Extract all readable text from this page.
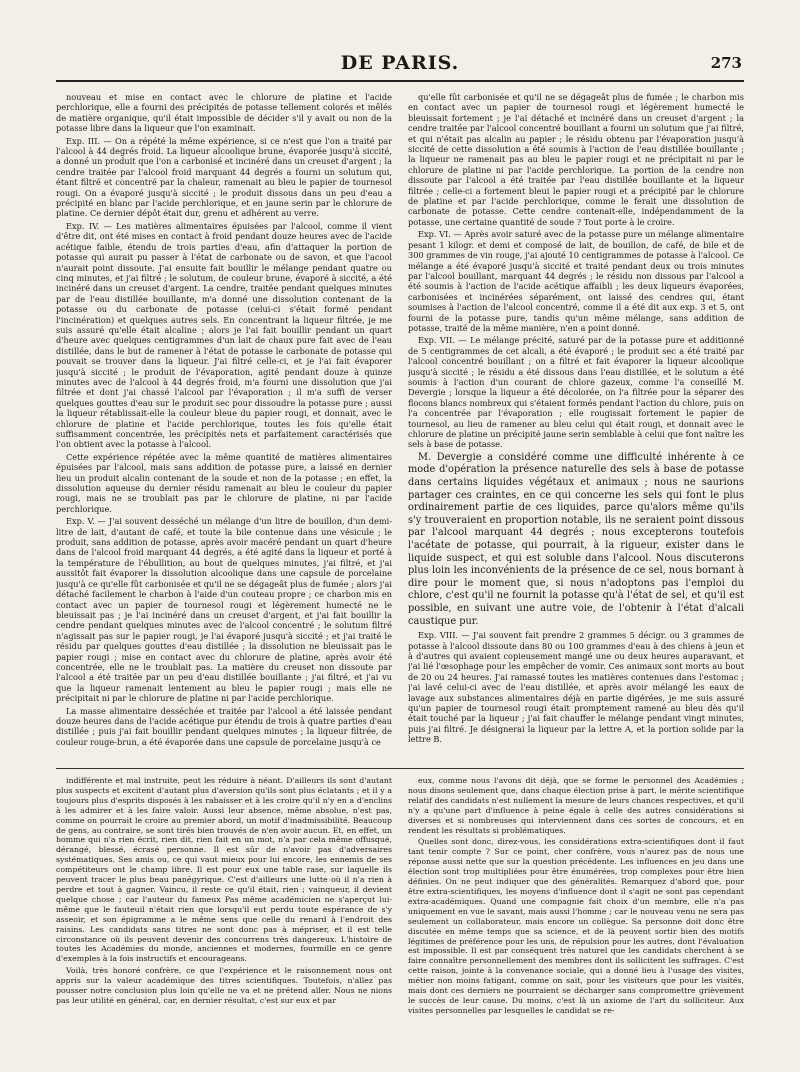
DE PARIS.	273

nouveau et mise en contact avec le chlorure de platine et l'acide perchlorique, elle a fourni des précipités de potasse tellement colorés et mêlés de matière organique, qu'il était impossible de décider s'il y avait ou non de la potasse libre dans la liqueur que l'on examinait.

Exp. III. — On a répété la même expérience, si ce n'est que l'on a traité par l'alcool à 44 degrés froid. La liqueur alcoolique brune, évaporée jusqu'à siccité, a donné un produit que l'on a carbonisé et incinéré dans un creuset d'argent ; la cendre traitée par l'alcool froid marquant 44 degrés a fourni un solutum qui, étant filtré et concentré par la chaleur, ramenait au bleu le papier de tournesol rougi. On a évaporé jusqu'à siccité ; le produit dissous dans un peu d'eau a précipité en blanc par l'acide perchlorique, et en jaune serin par le chlorure de platine. Ce dernier dépôt était dur, grenu et adhérent au verre.

Exp. IV. — Les matières alimentaires épuisées par l'alcool, comme il vient d'être dit, ont été mises en contact à froid pendant douze heures avec de l'acide acétique faible, étendu de trois parties d'eau, afin d'attaquer la portion de potasse qui aurait pu passer à l'état de carbonate ou de savon, et que l'acool n'aurait point dissoute. J'ai ensuite fait bouillir le mélange pendant quatre ou cinq minutes, et j'ai filtré ; le solutum, de couleur brune, évaporé à siccité, a été incinéré dans un creuset d'argent. La cendre, traitée pendant quelques minutes par de l'eau distillée bouillante, m'a donné une dissolution contenant de la potasse ou du carbonate de potasse (celui-ci s'était formé pendant l'incinération) et quelques autres sels. En concentrant la liqueur filtrée, je me suis assuré qu'elle était alcaline ; alors je l'ai fait bouillir pendant un quart d'heure avec quelques centigrammes d'un lait de chaux pure fait avec de l'eau distillée, dans le but de ramener à l'état de potasse le carbonate de potasse qui pouvait se trouver dans la liqueur. J'ai filtré celle-ci, et je l'ai fait évaporer jusqu'à siccité ; le produit de l'évaporation, agité pendant douze à quinze minutes avec de l'alcool à 44 degrés froid, m'a fourni une dissolution que j'ai filtrée et dont j'ai chassé l'alcool par l'évaporation ; il m'a suffi de verser quelques gouttes d'eau sur le produit sec pour dissoudre la potasse pure ; aussi la liqueur rétablissait-elle la couleur bleue du papier rougi, et donnait, avec le chlorure de platine et l'acide perchlorique, toutes les fois qu'elle était suffisamment concentrée, les précipités nets et parfaitement caractérisés que l'on obtient avec la potasse à l'alcool.

Cette expérience répétée avec la même quantité de matières alimentaires épuisées par l'alcool, mais sans addition de potasse pure, a laissé en dernier lieu un produit alcalin contenant de la soude et non de la potasse ; en effet, la dissolution aqueuse du dernier résidu ramenait au bleu le couleur du papier rougi, mais ne se troublait pas par le chlorure de platine, ni par l'acide perchlorique.

Exp. V. — J'ai souvent desséché un mélange d'un litre de bouillon, d'un demi-litre de lait, d'autant de café, et toute la bile contenue dans une vésicule ; le produit, sans addition de potasse, après avoir macéré pendant un quart d'heure dans de l'alcool froid marquant 44 degrés, a été agité dans la liqueur et porté à la température de l'ébullition, au bout de quelques minutes, j'ai filtré, et j'ai aussitôt fait évaporer la dissolution alcoolique dans une capsule de porcelaine jusqu'à ce qu'elle fût carbonisée et qu'il ne se dégageât plus de fumée ; alors j'ai détaché facilement le charbon à l'aide d'un couteau propre ; ce charbon mis en contact avec un papier de tournesol rougi et légèrement humecté ne le bleuissait pas ; je l'ai incinéré dans un creuset d'argent, et j'ai fait bouillir la cendre pendant quelques minutes avec de l'alcool concentré ; le solutum filtré n'agissait pas sur le papier rougi, je l'ai évaporé jusqu'à siccité ; et j'ai traité le résidu par quelques gouttes d'eau distillée ; la dissolution ne bleuissait pas le papier rougi ; mise en contact avec du chlorure de platine, après avoir été concentrée, elle ne le troublait pas. La matière du creuset non dissoute par l'alcool a été traitée par un peu d'eau distillée bouillante ; j'ai filtré, et j'ai vu que la liqueur ramenait lentement au bleu le papier rougi ; mais elle ne précipitait ni par le chlorure de platine ni par l'acide perchlorique.

La masse alimentaire desséchée et traitée par l'alcool a été laissée pendant douze heures dans de l'acide acétique pur étendu de trois à quatre parties d'eau distillée ; puis j'ai fait bouillir pendant quelques minutes ; la liqueur filtrée, de couleur rouge-brun, a été évaporée dans une capsule de porcelaine jusqu'à ce

qu'elle fût carbonisée et qu'il ne se dégageât plus de fumée ; le charbon mis en contact avec un papier de tournesol rougi et légèrement humecté le bleuissait fortement ; je l'ai détaché et incinéré dans un creuset d'argent ; la cendre traitée par l'alcool concentré bouillant a fourni un solutum que j'ai filtré, et qui n'était pas alcalin au papier ; le résidu obtenu par l'évaporation jusqu'à siccité de cette dissolution a été soumis à l'action de l'eau distillée bouillante ; la liqueur ne ramenait pas au bleu le papier rougi et ne précipitait ni par le chlorure de platine ni par l'acide perchlorique. La portion de la cendre non dissoute par l'alcool a été traitée par l'eau distillée bouillante et la liqueur filtrée ; celle-ci a fortement bleui le papier rougi et a précipité par le chlorure de platine et par l'acide perchlorique, comme le ferait une dissolution de carbonate de potasse. Cette cendre contenait-elle, indépendamment de la potasse, une certaine quantité de soude ? Tout porte à le croire.

Exp. VI. — Après avoir saturé avec de la potasse pure un mélange alimentaire pesant 1 kilogr. et demi et composé de lait, de bouillon, de café, de bile et de 300 grammes de vin rouge, j'ai ajouté 10 centigrammes de potasse à l'alcool. Ce mélange a été évaporé jusqu'à siccité et traité pendant deux ou trois minutes par l'alcool bouillant, marquant 44 degrés ; le résidu non dissous par l'alcool a été soumis à l'action de l'acide acétique affaibli ; les deux liqueurs évaporées, carbonisées et incinérées séparément, ont laissé des cendres qui, étant soumises à l'action de l'alcool concentré, comme il a été dit aux exp. 3 et 5, ont fourni de la potasse pure, tandis qu'un même mélange, sans addition de potasse, traité de la même manière, n'en a point donné.

Exp. VII. — Le mélange précité, saturé par de la potasse pure et additionné de 5 centigrammes de cet alcali, a été évaporé ; le produit sec a été traité par l'alcool concentré bouillant ; on a filtré et fait évaporer la liqueur alcoolique jusqu'à siccité ; le résidu a été dissous dans l'eau distillée, et le solutum a été soumis à l'action d'un courant de chlore gazeux, comme l'a conseillé M. Devergie ; lorsque la liqueur a été décolorée, on l'a filtrée pour la séparer des flocons blancs nombreux qui s'étaient formés pendant l'action du chlore, puis on l'a concentrée par l'évaporation ; elle rougissait fortement le papier de tournesol, au lieu de ramener au bleu celui qui était rougi, et donnait avec le chlorure de platine un précipité jaune serin semblable à celui que font naître les sels à base de potasse.

M. Devergie a considéré comme une difficulté inhérente à ce mode d'opération la présence naturelle des sels à base de potasse dans certains liquides végétaux et animaux ; nous ne saurions partager ces craintes, en ce qui concerne les sels qui font le plus ordinairement partie de ces liquides, parce qu'alors même qu'ils s'y trouveraient en proportion notable, ils ne seraient point dissous par l'alcool marquant 44 degrés ; nous excepterons toutefois l'acétate de potasse, qui pourrait, à la rigueur, exister dans le liquide suspect, et qui est soluble dans l'alcool. Nous discuterons plus loin les inconvénients de la présence de ce sel, nous bornant à dire pour le moment que, si nous n'adoptons pas l'emploi du chlore, c'est qu'il ne fournit la potasse qu'à l'état de sel, et qu'il est possible, en suivant une autre voie, de l'obtenir à l'état d'alcali caustique pur.

Exp. VIII. — J'ai souvent fait prendre 2 grammes 5 décigr. ou 3 grammes de potasse à l'alcool dissoute dans 80 ou 100 grammes d'eau à des chiens à jeun et à d'autres qui avaient copieusement mangé une ou deux heures auparavant, et j'ai lié l'œsophage pour les empêcher de vomir. Ces animaux sont morts au bout de 20 ou 24 heures. J'ai ramassé toutes les matières contenues dans l'estomac ; j'ai lavé celui-ci avec de l'eau distillée, et après avoir mélangé les eaux de lavage aux substances alimentaires déjà en partie digérées, je me suis assuré qu'un papier de tournesol rougi était promptement ramené au bleu dès qu'il était touché par la liqueur ; j'ai fait chauffer le mélange pendant vingt minutes, puis j'ai filtré. Je désignerai la liqueur par la lettre A, et la portion solide par la lettre B.

indifférente et mal instruite, peut les réduire à néant. D'ailleurs ils sont d'autant plus suspects et excitent d'autant plus d'aversion qu'ils sont plus éclatants ; et il y a toujours plus d'esprits disposés à les rabaisser et à les croire qu'il n'y en a d'enclins à les admirer et à les faire valoir. Aussi leur absence, même absolue, n'est pas, comme on pourrait le croire au premier abord, un motif d'inadmissibilité. Beaucoup de gens, au contraire, se sont tirés bien trouvés de n'en avoir aucun. Et, en effet, un homme qui n'a rien écrit, rien dit, rien fait en un mot, n'a par cela même offusqué, dérangé, blessé, écrasé personne. Il est sûr de n'avoir pas d'adversaires systématiques. Ses amis ou, ce qui vaut mieux pour lui encore, les ennemis de ses compétiteurs ont le champ libre. Il est pour eux une table rase, sur laquelle ils peuvent tracer le plus beau panégyrique. C'est d'ailleurs une lutte où il n'a rien à perdre et tout à gagner. Vaincu, il reste ce qu'il était, rien ; vainqueur, il devient quelque chose ; car l'auteur du fameux Pas même académicien ne s'aperçut lui-même que le fauteuil n'était rien que lorsqu'il eut perdu toute espérance de s'y asseoir, et son épigramme a le même sens que celle du renard à l'endroit des raisins. Les candidats sans titres ne sont donc pas à mépriser, et il est telle circonstance où ils peuvent devenir des concurrens très dangereux. L'histoire de toutes les Académies du monde, anciennes et modernes, fourmille en ce genre d'exemples à la fois instructifs et encourageans.

Voilà, très honoré confrère, ce que l'expérience et le raisonnement nous ont appris sur la valeur académique des titres scientifiques. Toutefois, n'allez pas pousser notre conclusion plus loin qu'elle ne va et ne prétend aller. Nous ne nions pas leur utilité en général, car, en dernier résultat, c'est sur eux et par

eux, comme nous l'avons dit déjà, que se forme le personnel des Académies ; nous disons seulement que, dans chaque élection prise à part, le mérite scientifique relatif des candidats n'est nullement la mesure de leurs chances respectives, et qu'il n'y a qu'une part d'influence à peine égale à celle des autres considérations si diverses et si nombreuses qui interviennent dans ces sortes de concours, et en rendent les résultats si problématiques.

Quelles sont donc, direz-vous, les considérations extra-scientifiques dont il faut tant tenir compte ? Sur ce point, cher confrère, vous n'aurez pas de nous une réponse aussi nette que sur la question précédente. Les influences en jeu dans une élection sont trop multipliées pour être énumérées, trop complexes pour être bien définies. On ne peut indiquer que des généralités. Remarquez d'abord que, pour être extra-scientifiques, les moyens d'influence dont il s'agit ne sont pas cependant extra-académiques. Quand une compagnie fait choix d'un membre, elle n'a pas uniquement en vue le savant, mais aussi l'homme ; car le nouveau venu ne sera pas seulement un collaborateur, mais encore un collègue. Sa personne doit donc être discutée en même temps que sa science, et de là peuvent sortir bien des motifs légitimes de préférence pour les uns, de répulsion pour les autres, dont l'évaluation est impossible. Il est par conséquent très naturel que les candidats cherchent à se faire connaître personnellement des membres dont ils sollicitent les suffrages. C'est cette raison, jointe à la convenance sociale, qui a donné lieu à l'usage des visites, métier non moins fatigant, comme on sait, pour les visiteurs que pour les visités, mais dont ces derniers ne pourraient se décharger sans compromettre grièvement le succès de leur cause. Du moins, c'est là un axiome de l'art du solliciteur. Aux visites personnelles par lesquelles le candidat se re-
